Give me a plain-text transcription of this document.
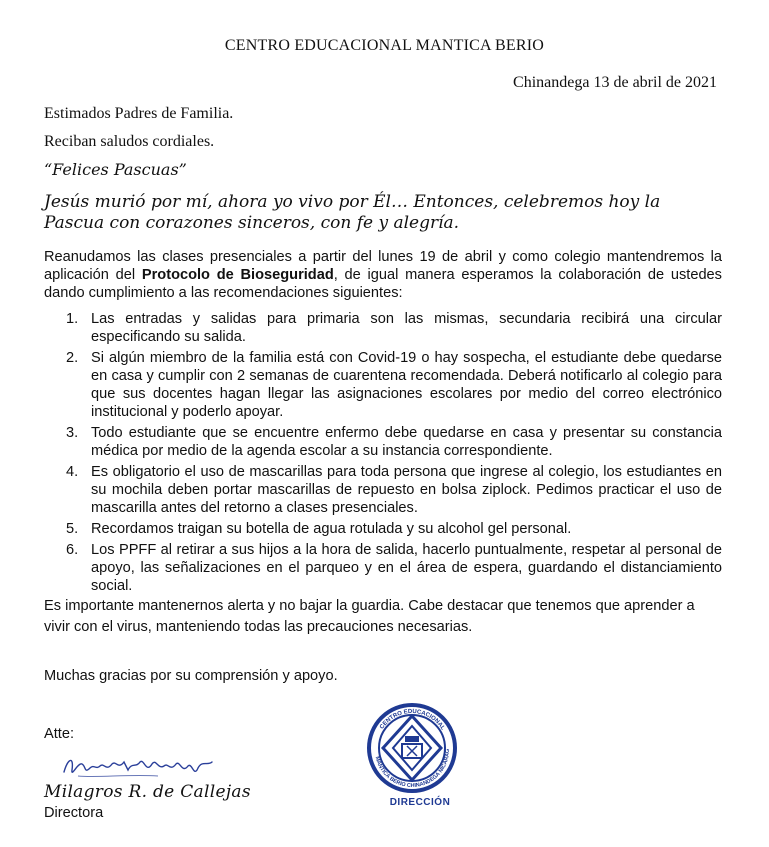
CENTRO EDUCACIONAL MANTICA BERIO
Chinandega 13 de abril de 2021
Estimados Padres de Familia.
Reciban saludos cordiales.
“Felices Pascuas”
Jesús murió por mí, ahora yo vivo por Él… Entonces, celebremos hoy la Pascua con corazones sinceros, con fe y alegría.
Reanudamos las clases presenciales a partir del lunes 19 de abril y como colegio mantendremos la aplicación del Protocolo de Bioseguridad, de igual manera esperamos la colaboración de ustedes dando cumplimiento a las recomendaciones siguientes:
1. Las entradas y salidas para primaria son las mismas, secundaria recibirá una circular especificando su salida.
2. Si algún miembro de la familia está con Covid-19 o hay sospecha, el estudiante debe quedarse en casa y cumplir con 2 semanas de cuarentena recomendada. Deberá notificarlo al colegio para que sus docentes hagan llegar las asignaciones escolares por medio del correo electrónico institucional y poderlo apoyar.
3. Todo estudiante que se encuentre enfermo debe quedarse en casa y presentar su constancia médica por medio de la agenda escolar a su instancia correspondiente.
4. Es obligatorio el uso de mascarillas para toda persona que ingrese al colegio, los estudiantes en su mochila deben portar mascarillas de repuesto en bolsa ziplock. Pedimos practicar el uso de mascarilla antes del retorno a clases presenciales.
5. Recordamos traigan su botella de agua rotulada y su alcohol gel personal.
6. Los PPFF al retirar a sus hijos a la hora de salida, hacerlo puntualmente, respetar al personal de apoyo, las señalizaciones en el parqueo y en el área de espera, guardando el distanciamiento social.
Es importante mantenernos alerta y no bajar la guardia. Cabe destacar que tenemos que aprender a vivir con el virus, manteniendo todas las precauciones necesarias.
Muchas gracias por su comprensión y apoyo.
Atte:
Milagros R. de Callejas
Directora
CENTRO EDUCACIONAL
MANTICA BERIO CHINANDEGA NICARAG
DIRECCIÓN
